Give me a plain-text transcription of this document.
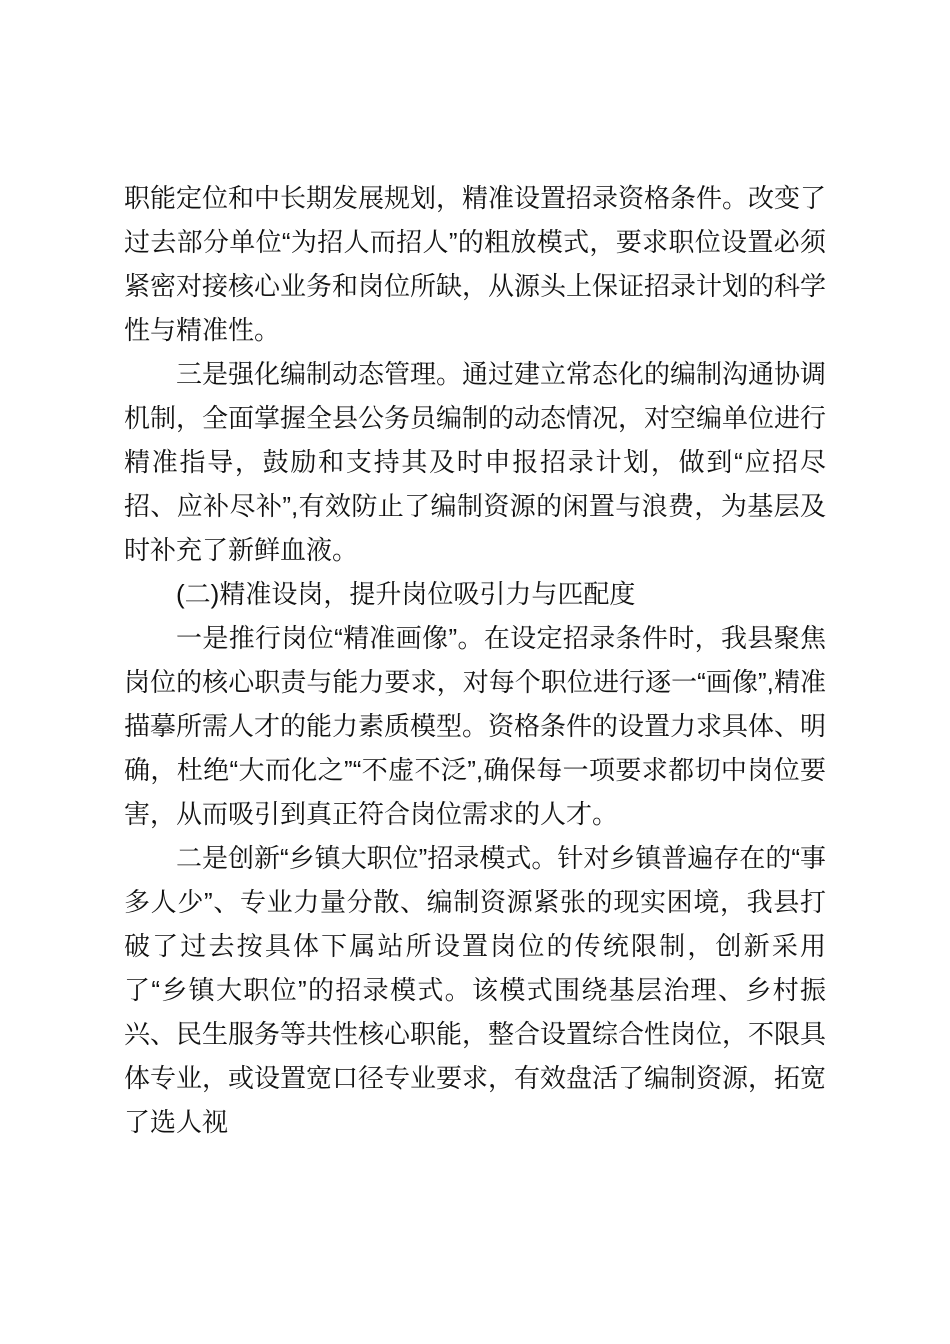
职能定位和中长期发展规划，精准设置招录资格条件。改变了过去部分单位“为招人而招人”的粗放模式，要求职位设置必须紧密对接核心业务和岗位所缺，从源头上保证招录计划的科学性与精准性。

三是强化编制动态管理。通过建立常态化的编制沟通协调机制，全面掌握全县公务员编制的动态情况，对空编单位进行精准指导，鼓励和支持其及时申报招录计划，做到“应招尽招、应补尽补”,有效防止了编制资源的闲置与浪费，为基层及时补充了新鲜血液。

(二)精准设岗，提升岗位吸引力与匹配度

一是推行岗位“精准画像”。在设定招录条件时，我县聚焦岗位的核心职责与能力要求，对每个职位进行逐一“画像”,精准描摹所需人才的能力素质模型。资格条件的设置力求具体、明确，杜绝“大而化之”“不虚不泛”,确保每一项要求都切中岗位要害，从而吸引到真正符合岗位需求的人才。

二是创新“乡镇大职位”招录模式。针对乡镇普遍存在的“事多人少”、专业力量分散、编制资源紧张的现实困境，我县打破了过去按具体下属站所设置岗位的传统限制，创新采用了“乡镇大职位”的招录模式。该模式围绕基层治理、乡村振兴、民生服务等共性核心职能，整合设置综合性岗位，不限具体专业，或设置宽口径专业要求，有效盘活了编制资源，拓宽了选人视
